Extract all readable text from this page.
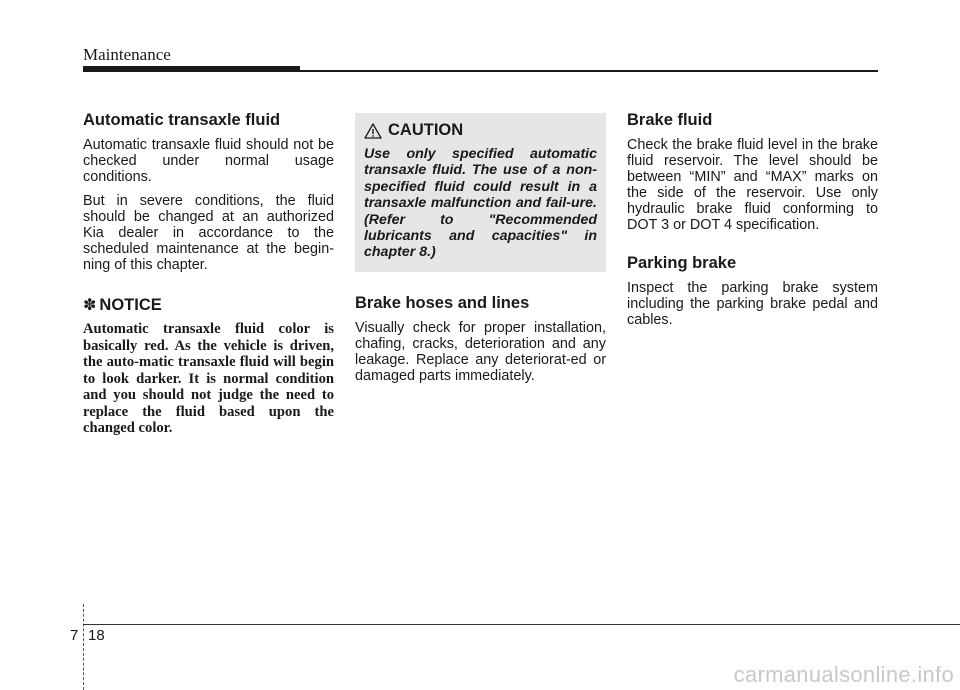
Maintenance
Automatic transaxle fluid

Automatic transaxle fluid should not be checked under normal usage conditions.

But in severe conditions, the fluid should be changed at an authorized Kia dealer in accordance to the scheduled maintenance at the begin-ning of this chapter.

✽ NOTICE

Automatic transaxle fluid color is basically red. As the vehicle is driven, the auto-matic transaxle fluid will begin to look darker. It is normal condition and you should not judge the need to replace the fluid based upon the changed color.

CAUTION

Use only specified automatic transaxle fluid. The use of a non-specified fluid could result in a transaxle malfunction and fail-ure. (Refer to "Recommended lubricants and capacities" in chapter 8.)

Brake hoses and lines

Visually check for proper installation, chafing, cracks, deterioration and any leakage. Replace any deteriorat-ed or damaged parts immediately.

Brake fluid

Check the brake fluid level in the brake fluid reservoir. The level should be between “MIN” and “MAX” marks on the side of the reservoir. Use only hydraulic brake fluid conforming to DOT 3 or DOT 4 specification.

Parking brake

Inspect the parking brake system including the parking brake pedal and cables.

7 18
carmanualsonline.info
